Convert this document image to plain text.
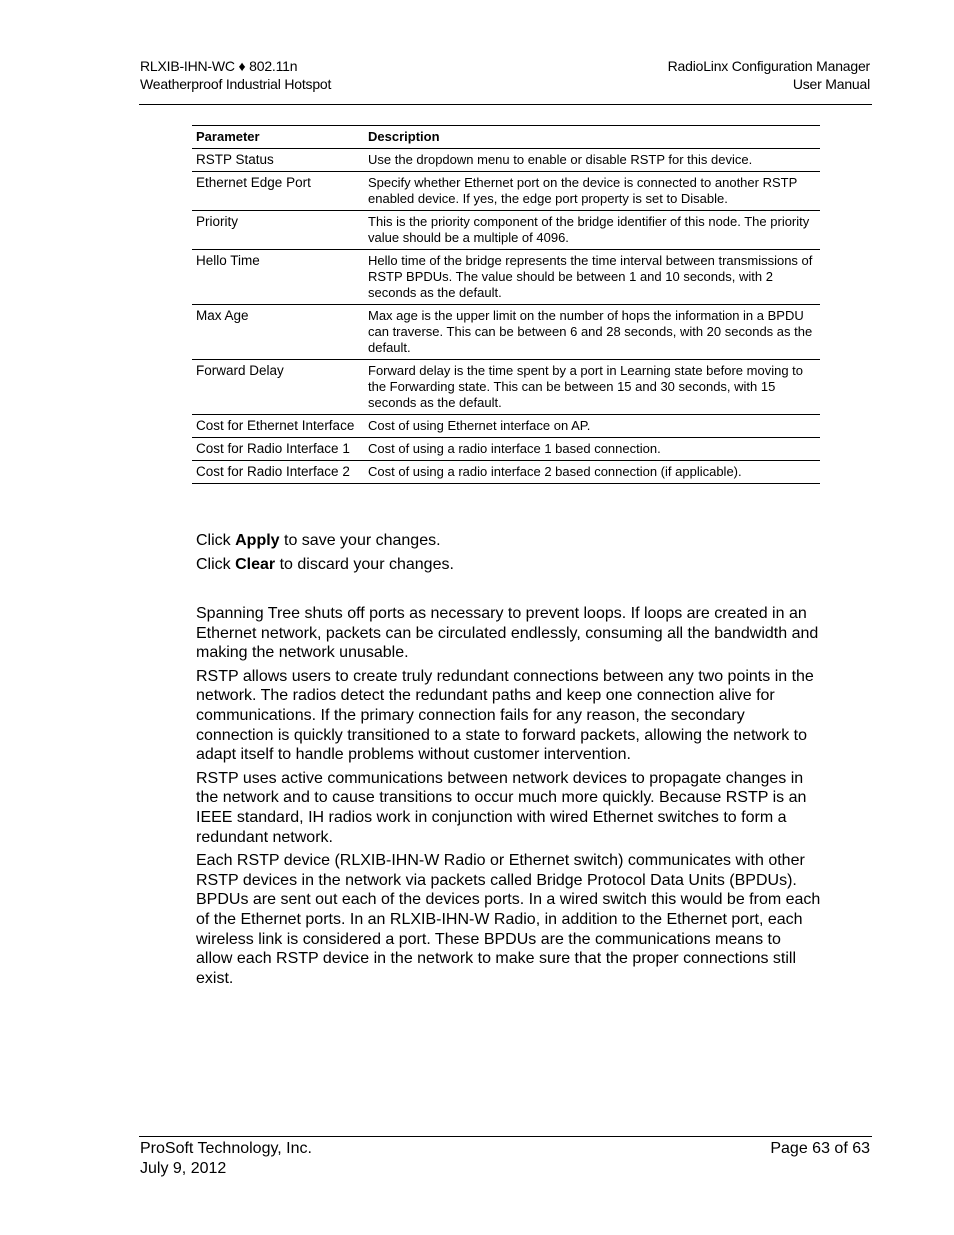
RLXIB-IHN-WC ♦ 802.11n
Weatherproof Industrial Hotspot
RadioLinx Configuration Manager
User Manual
Parameter	Description
RSTP Status	Use the dropdown menu to enable or disable RSTP for this device.
Ethernet Edge Port	Specify whether Ethernet port on the device is connected to another RSTP enabled device. If yes, the edge port property is set to Disable.
Priority	This is the priority component of the bridge identifier of this node. The priority value should be a multiple of 4096.
Hello Time	Hello time of the bridge represents the time interval between transmissions of RSTP BPDUs. The value should be between 1 and 10 seconds, with 2 seconds as the default.
Max Age	Max age is the upper limit on the number of hops the information in a BPDU can traverse. This can be between 6 and 28 seconds, with 20 seconds as the default.
Forward Delay	Forward delay is the time spent by a port in Learning state before moving to the Forwarding state. This can be between 15 and 30 seconds, with 15 seconds as the default.
Cost for Ethernet Interface	Cost of using Ethernet interface on AP.
Cost for Radio Interface 1	Cost of using a radio interface 1 based connection.
Cost for Radio Interface 2	Cost of using a radio interface 2 based connection (if applicable).

Click Apply to save your changes.

Click Clear to discard your changes.

Spanning Tree shuts off ports as necessary to prevent loops. If loops are created in an Ethernet network, packets can be circulated endlessly, consuming all the bandwidth and making the network unusable.

RSTP allows users to create truly redundant connections between any two points in the network. The radios detect the redundant paths and keep one connection alive for communications. If the primary connection fails for any reason, the secondary connection is quickly transitioned to a state to forward packets, allowing the network to adapt itself to handle problems without customer intervention.

RSTP uses active communications between network devices to propagate changes in the network and to cause transitions to occur much more quickly. Because RSTP is an IEEE standard, IH radios work in conjunction with wired Ethernet switches to form a redundant network.

Each RSTP device (RLXIB-IHN-W Radio or Ethernet switch) communicates with other RSTP devices in the network via packets called Bridge Protocol Data Units (BPDUs). BPDUs are sent out each of the devices ports. In a wired switch this would be from each of the Ethernet ports. In an RLXIB-IHN-W Radio, in addition to the Ethernet port, each wireless link is considered a port. These BPDUs are the communications means to allow each RSTP device in the network to make sure that the proper connections still exist.

ProSoft Technology, Inc.
July 9, 2012
Page 63 of 63
